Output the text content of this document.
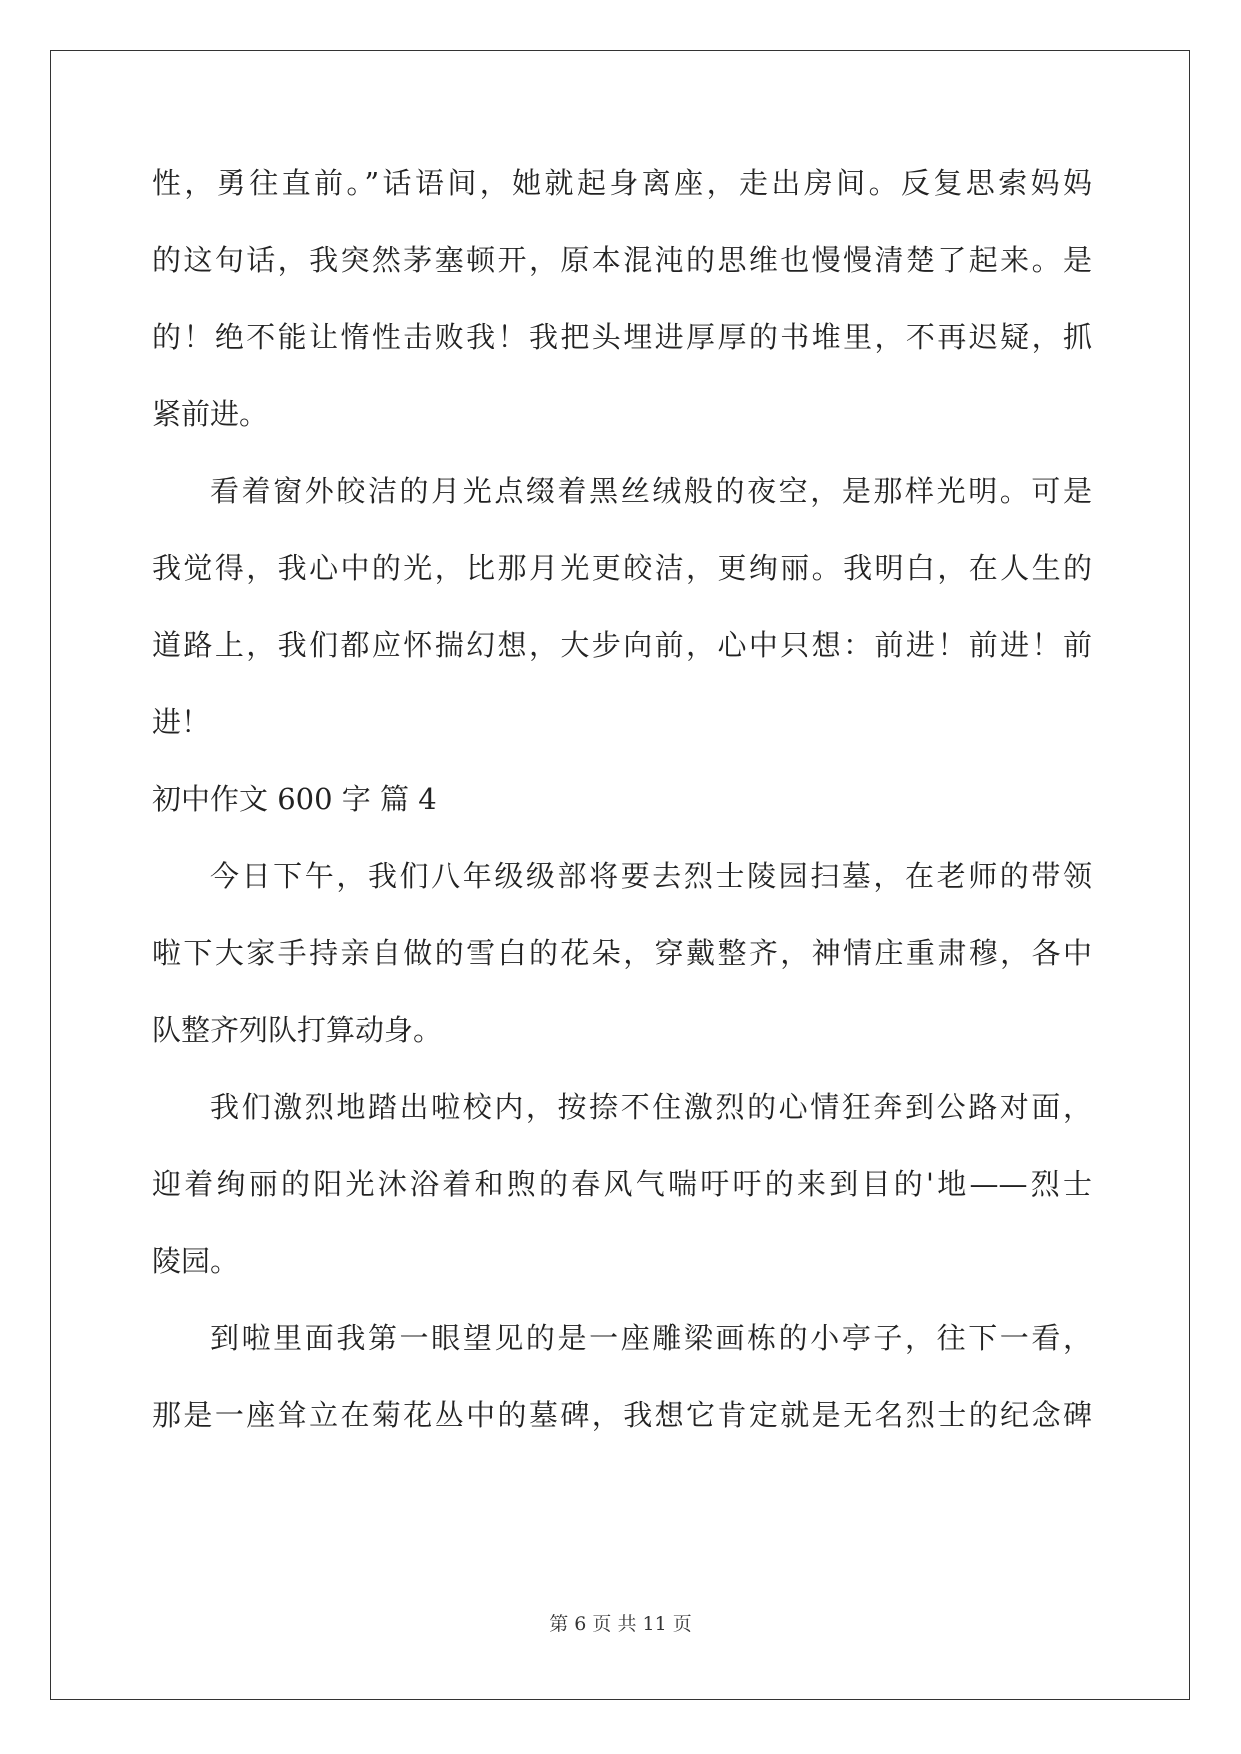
性，勇往直前。”话语间，她就起身离座，走出房间。反复思索妈妈
的这句话，我突然茅塞顿开，原本混沌的思维也慢慢清楚了起来。是
的！绝不能让惰性击败我！我把头埋进厚厚的书堆里，不再迟疑，抓
紧前进。
看着窗外皎洁的月光点缀着黑丝绒般的夜空，是那样光明。可是
我觉得，我心中的光，比那月光更皎洁，更绚丽。我明白，在人生的
道路上，我们都应怀揣幻想，大步向前，心中只想：前进！前进！前
进！
初中作文 600 字 篇 4
今日下午，我们八年级级部将要去烈士陵园扫墓，在老师的带领
啦下大家手持亲自做的雪白的花朵，穿戴整齐，神情庄重肃穆，各中
队整齐列队打算动身。
我们激烈地踏出啦校内，按捺不住激烈的心情狂奔到公路对面，
迎着绚丽的阳光沐浴着和煦的春风气喘吁吁的来到目的'地——烈士
陵园。
到啦里面我第一眼望见的是一座雕梁画栋的小亭子，往下一看，
那是一座耸立在菊花丛中的墓碑，我想它肯定就是无名烈士的纪念碑
第 6 页 共 11 页
